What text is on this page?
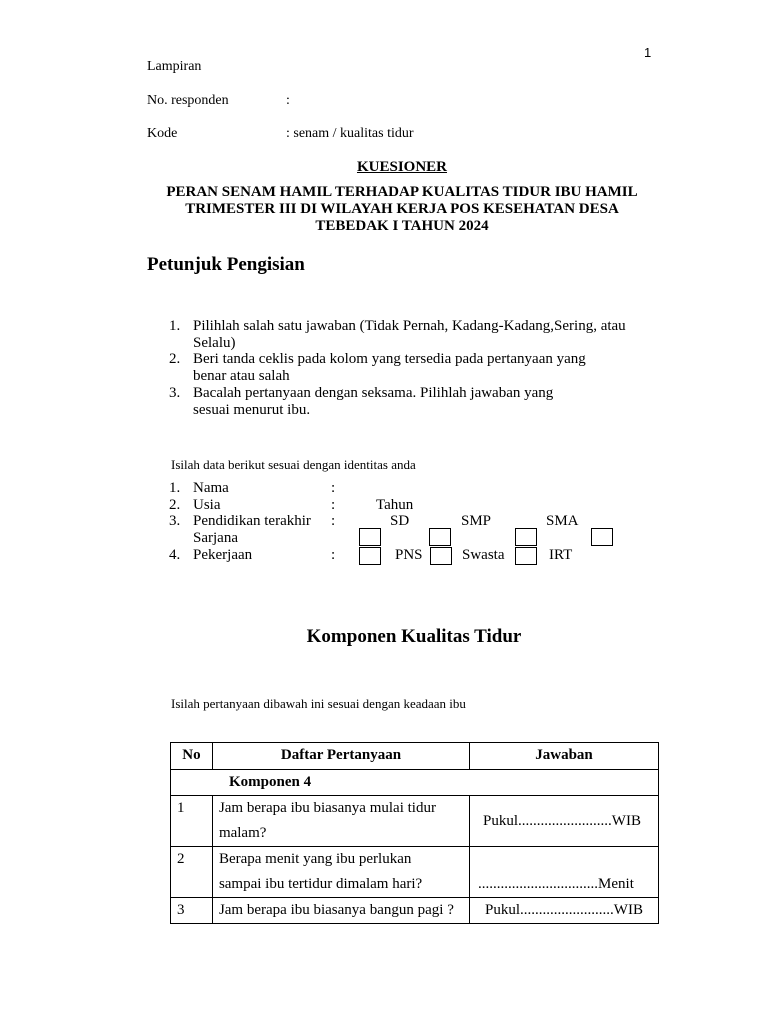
1
Lampiran
No. responden	:
Kode	: senam / kualitas tidur
KUESIONER
PERAN SENAM HAMIL TERHADAP KUALITAS TIDUR IBU HAMIL
TRIMESTER III DI WILAYAH KERJA POS KESEHATAN DESA
TEBEDAK I TAHUN 2024
Petunjuk Pengisian
1. Pilihlah salah satu jawaban (Tidak Pernah, Kadang-Kadang,Sering, atau
Selalu)
2. Beri tanda ceklis pada kolom yang tersedia pada pertanyaan yang
benar atau salah
3. Bacalah pertanyaan dengan seksama. Pilihlah jawaban yang
sesuai menurut ibu.
Isilah data berikut sesuai dengan identitas anda
1. Nama	:
2. Usia	:	Tahun
3. Pendidikan terakhir :	SD	SMP	SMA
Sarjana
4. Pekerjaan	:	PNS	Swasta	IRT
Komponen Kualitas Tidur
Isilah pertanyaan dibawah ini sesuai dengan keadaan ibu
No	Daftar Pertanyaan	Jawaban
Komponen 4		
1	Jam berapa ibu biasanya mulai tidur
malam?	Pukul.........................WIB
2	Berapa menit yang ibu perlukan
sampai ibu tertidur dimalam hari?	................................Menit
3	Jam berapa ibu biasanya bangun pagi ?	Pukul.........................WIB
